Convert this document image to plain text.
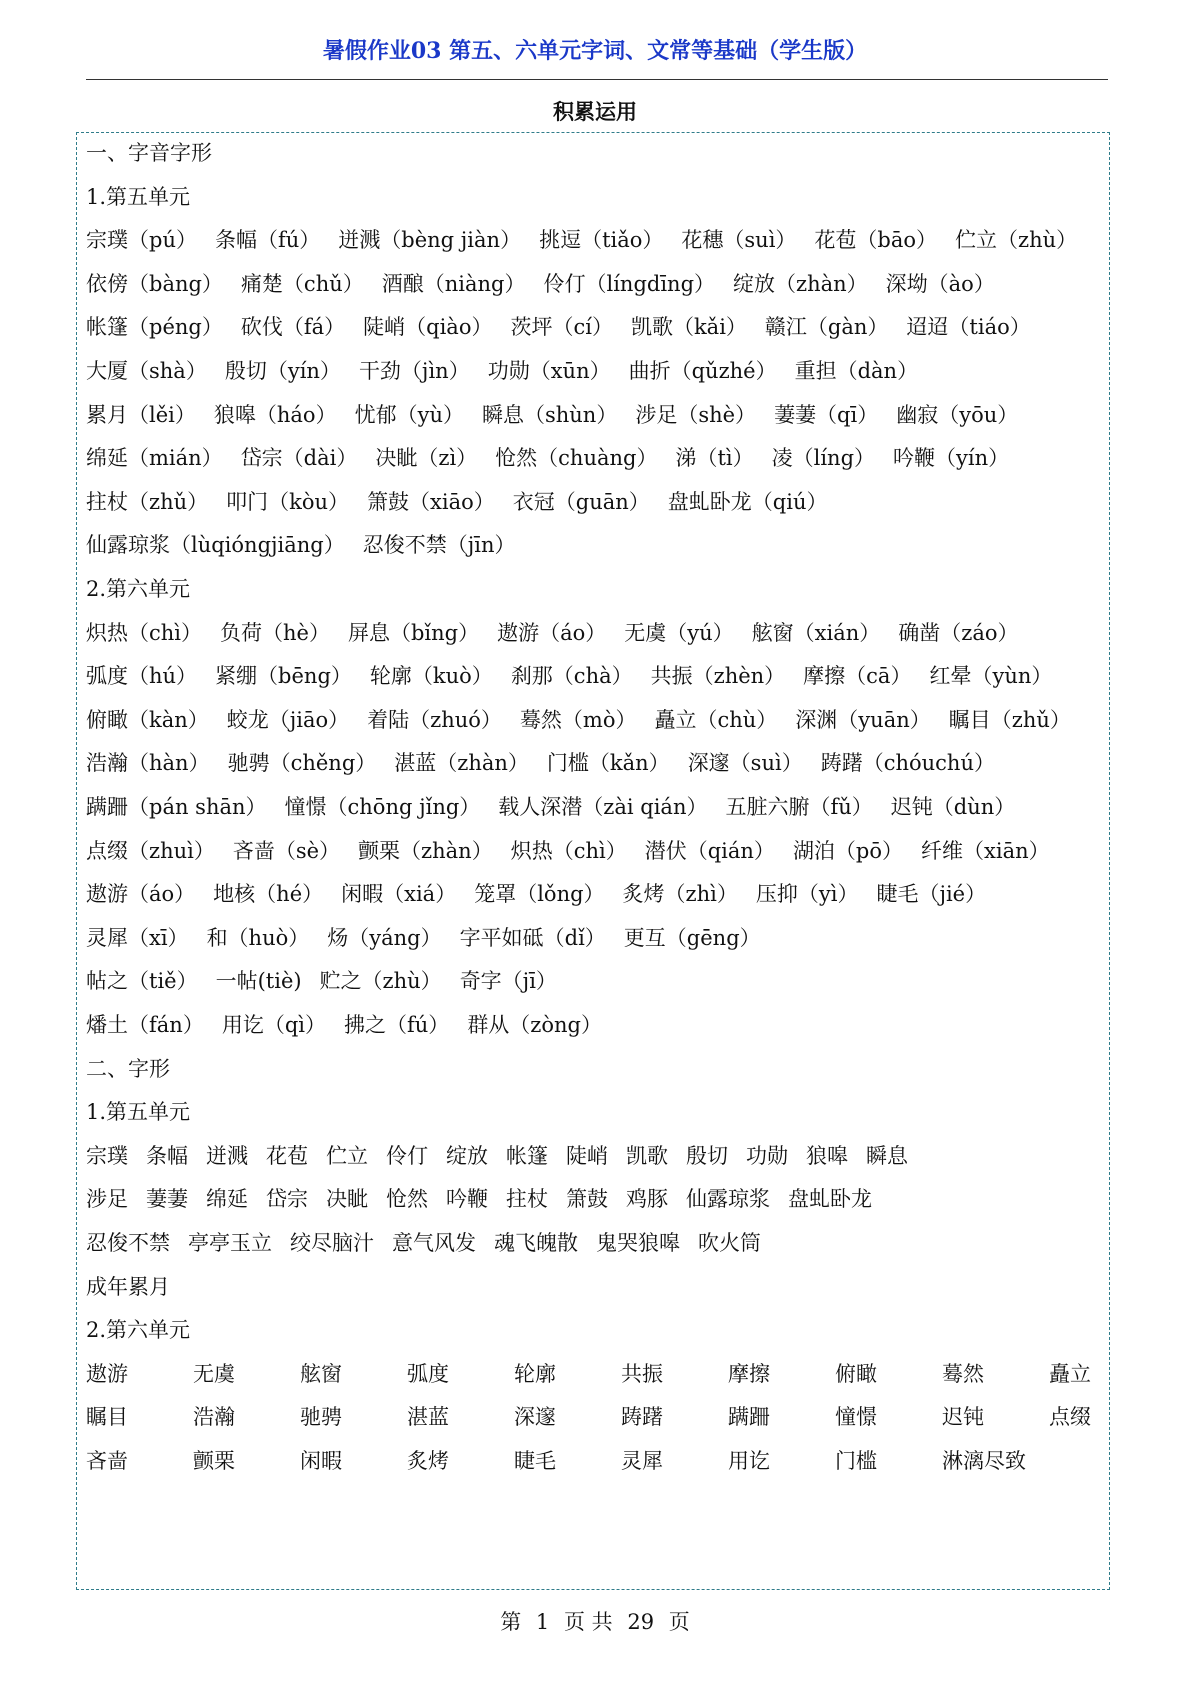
暑假作业03 第五、六单元字词、文常等基础（学生版）
积累运用
一、字音字形
1.第五单元
宗璞（pú） 条幅（fú） 迸溅（bèng jiàn） 挑逗（tiǎo） 花穗（suì） 花苞（bāo） 伫立（zhù）
依傍（bàng） 痛楚（chǔ） 酒酿（niàng） 伶仃（língdīng） 绽放（zhàn） 深坳（ào）
帐篷（péng） 砍伐（fá） 陡峭（qiào） 茨坪（cí） 凯歌（kǎi） 赣江（gàn） 迢迢（tiáo）
大厦（shà） 殷切（yín） 干劲（jìn） 功勋（xūn） 曲折（qǔzhé） 重担（dàn）
累月（lěi） 狼嗥（háo） 忧郁（yù） 瞬息（shùn） 涉足（shè） 萋萋（qī） 幽寂（yōu）
绵延（mián） 岱宗（dài） 决眦（zì） 怆然（chuàng） 涕（tì） 凌（líng） 吟鞭（yín）
拄杖（zhǔ） 叩门（kòu） 箫鼓（xiāo） 衣冠（guān） 盘虬卧龙（qiú）
仙露琼浆（lùqióngjiāng） 忍俊不禁（jīn）
2.第六单元
炽热（chì） 负荷（hè） 屏息（bǐng） 遨游（áo） 无虞（yú） 舷窗（xián） 确凿（záo）
弧度（hú） 紧绷（bēng） 轮廓（kuò） 刹那（chà） 共振（zhèn） 摩擦（cā） 红晕（yùn）
俯瞰（kàn） 蛟龙（jiāo） 着陆（zhuó） 蓦然（mò） 矗立（chù） 深渊（yuān） 瞩目（zhǔ）
浩瀚（hàn） 驰骋（chěng） 湛蓝（zhàn） 门槛（kǎn） 深邃（suì） 踌躇（chóuchú）
蹒跚（pán shān） 憧憬（chōng jǐng） 载人深潜（zài qián） 五脏六腑（fǔ） 迟钝（dùn）
点缀（zhuì） 吝啬（sè） 颤栗（zhàn） 炽热（chì） 潜伏（qián） 湖泊（pō） 纤维（xiān）
遨游（áo） 地核（hé） 闲暇（xiá） 笼罩（lǒng） 炙烤（zhì） 压抑（yì） 睫毛（jié）
灵犀（xī） 和（huò） 炀（yáng） 字平如砥（dǐ） 更互（gēng）
帖之（tiě） 一帖(tiè) 贮之（zhù） 奇字（jī）
燔土（fán） 用讫（qì） 拂之（fú） 群从（zòng）
二、字形
1.第五单元
宗璞 条幅 迸溅 花苞 伫立 伶仃 绽放 帐篷 陡峭 凯歌 殷切 功勋 狼嗥 瞬息
涉足 萋萋 绵延 岱宗 决眦 怆然 吟鞭 拄杖 箫鼓 鸡豚 仙露琼浆 盘虬卧龙
忍俊不禁 亭亭玉立 绞尽脑汁 意气风发 魂飞魄散 鬼哭狼嗥 吹火筒
成年累月
2.第六单元
遨游	无虞	舷窗	弧度	轮廓	共振	摩擦	俯瞰	蓦然	矗立
瞩目	浩瀚	驰骋	湛蓝	深邃	踌躇	蹒跚	憧憬	迟钝	点缀
吝啬	颤栗	闲暇	炙烤	睫毛	灵犀	用讫	门槛	淋漓尽致
第 1 页 共 29 页
